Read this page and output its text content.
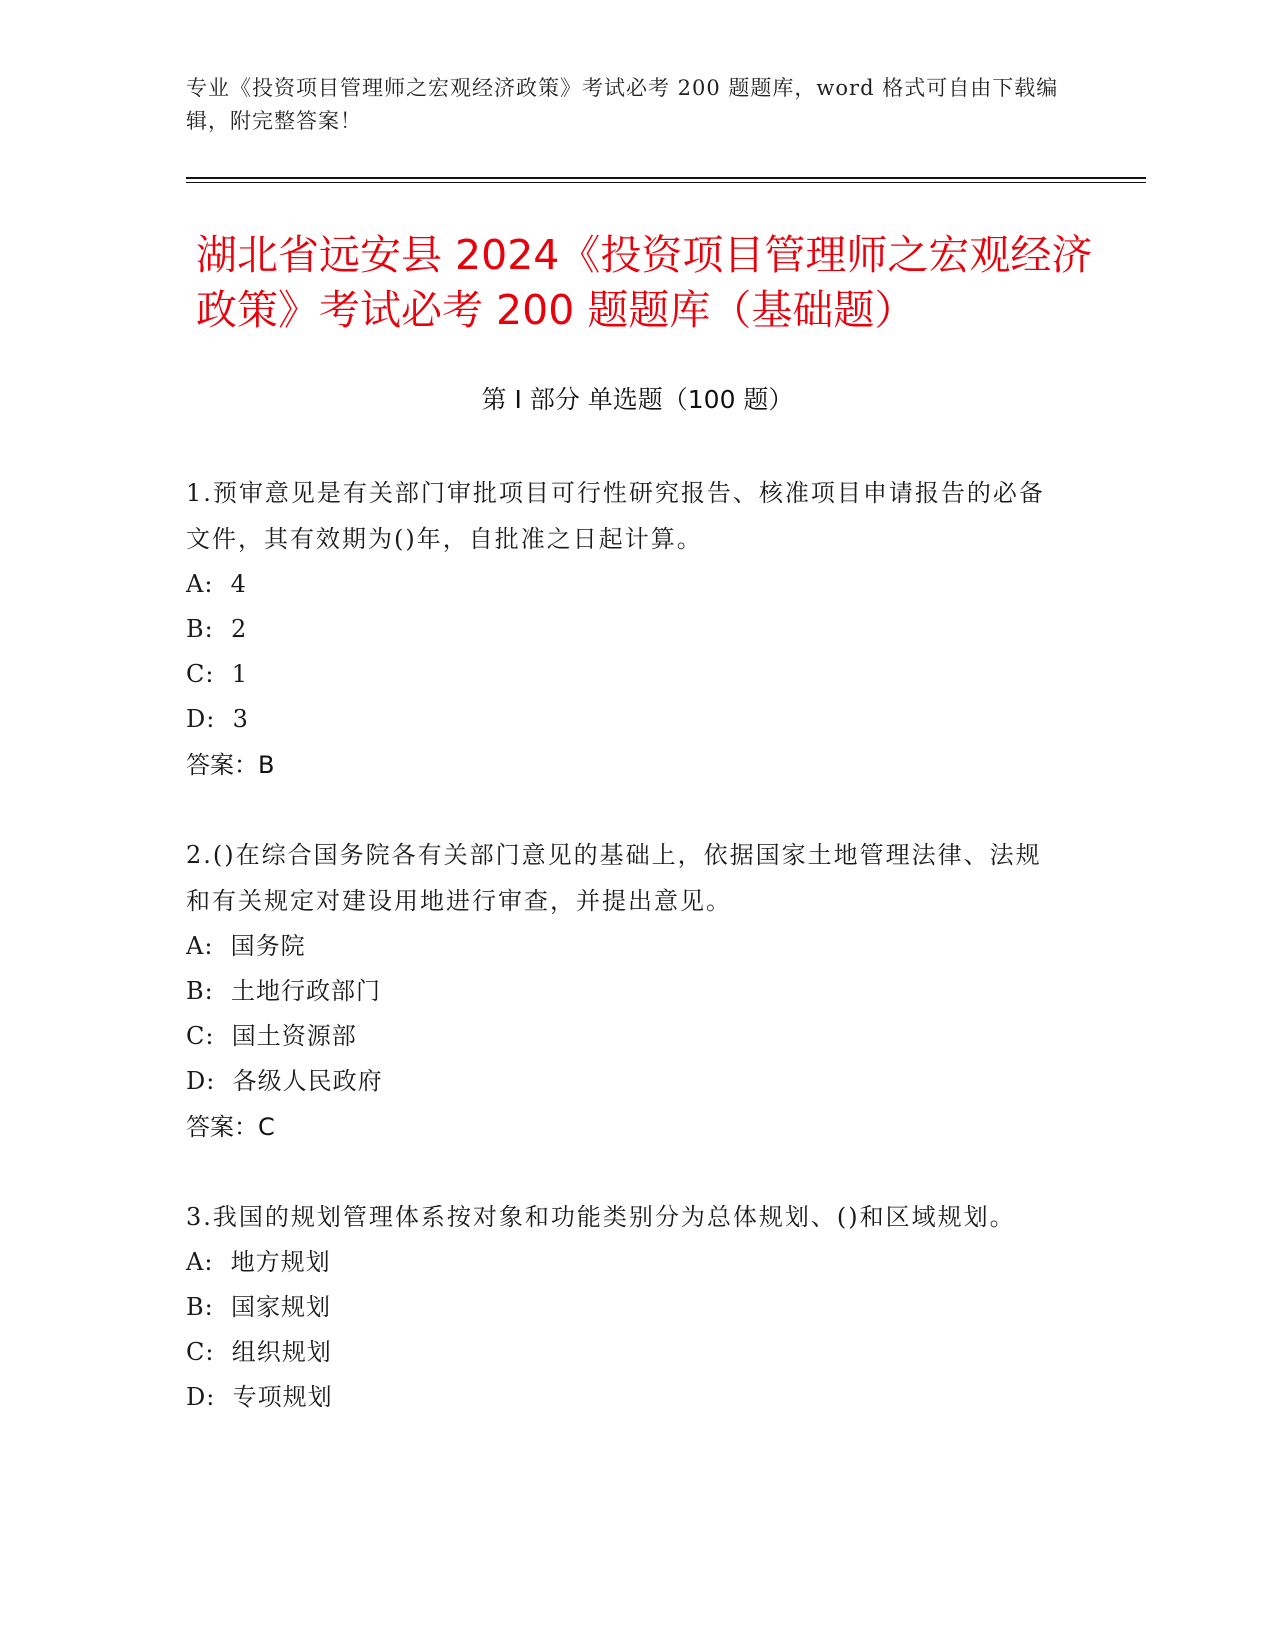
专业《投资项目管理师之宏观经济政策》考试必考 200 题题库，word 格式可自由下载编辑，附完整答案！
湖北省远安县 2024《投资项目管理师之宏观经济政策》考试必考 200 题题库（基础题）
第 I 部分 单选题（100 题）
1.预审意见是有关部门审批项目可行性研究报告、核准项目申请报告的必备文件，其有效期为()年，自批准之日起计算。
A:  4
B:  2
C:  1
D:  3
答案：B
2.()在综合国务院各有关部门意见的基础上，依据国家土地管理法律、法规和有关规定对建设用地进行审查，并提出意见。
A:  国务院
B:  土地行政部门
C:  国土资源部
D:  各级人民政府
答案：C
3.我国的规划管理体系按对象和功能类别分为总体规划、()和区域规划。
A:  地方规划
B:  国家规划
C:  组织规划
D:  专项规划
